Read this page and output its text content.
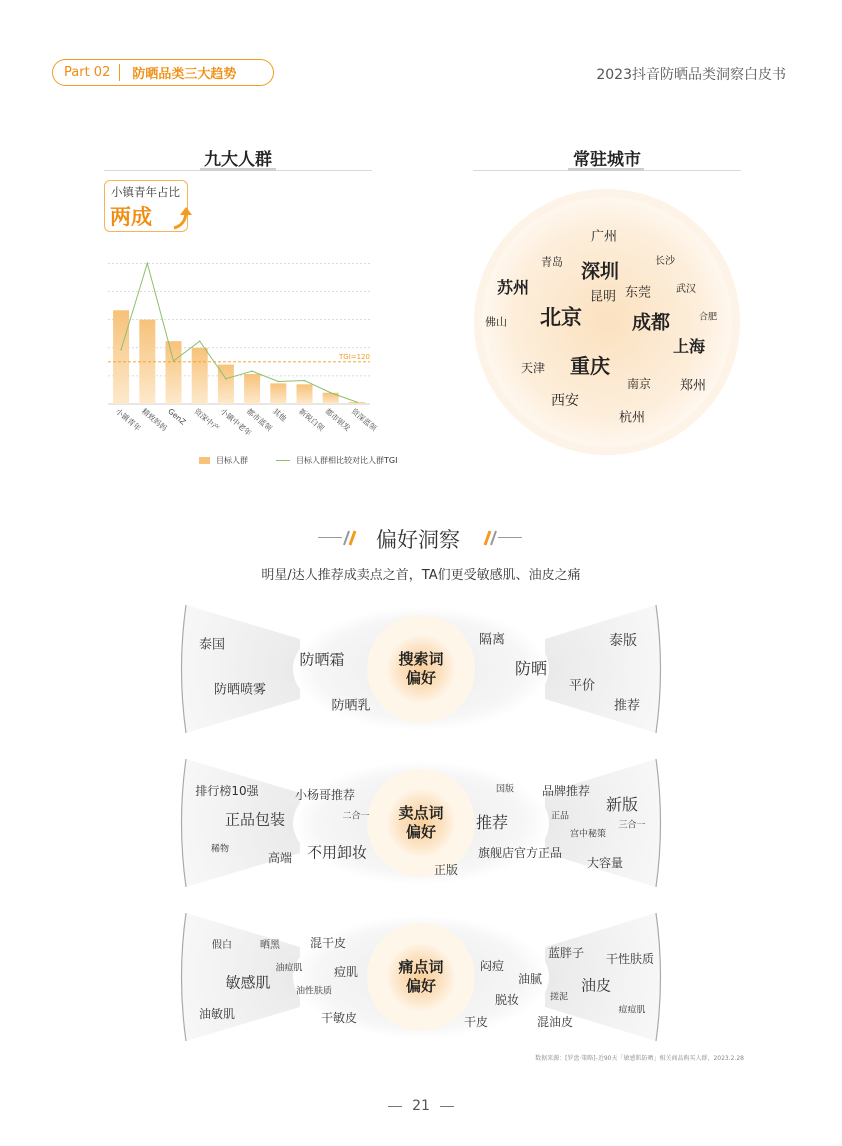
Part 02	防晒品类三大趋势	2023抖音防晒品类洞察白皮书
九大人群
TGI=120
小镇青年
精致妈妈
GenZ 资深中产
小镇中老年
都市蓝领
其他 新锐白领
都市银发
资深蓝领
小镇青年占比
两成
目标人群	目标人群相比较对比人群TGI
常驻城市
广州
青岛	长沙
深圳
苏州	昆明 东莞 武汉
佛山 北京	成都	合肥
上海
天津 重庆
南京 郑州
西安
杭州
偏好洞察
明星/达人推荐成卖点之首，TA们更受敏感肌、油皮之痛
搜索词
偏好
泰国
防晒喷雾
防晒霜
防晒乳
隔离
防晒
泰版
平价
推荐
卖点词
偏好
排行榜10强	小杨哥推荐
正品包装	二合一
稀物
高端 不用卸妆
正版
国版 品牌推荐
新版
正品
推荐	三合一
宫中秘策
旗舰店官方正品
大容量
痛点词
偏好
假白	晒黑 混干皮
油痘肌
敏感肌
痘肌
油性肤质
油敏肌	干敏皮
闷痘
蓝胖子 干性肤质
油腻	油皮
脱妆	搓泥
痘痘肌
干皮	混油皮
数据来源：[罗盘·策略]-近90天「敏感肌防晒」相关商品购买人群，2023.2.28
21
